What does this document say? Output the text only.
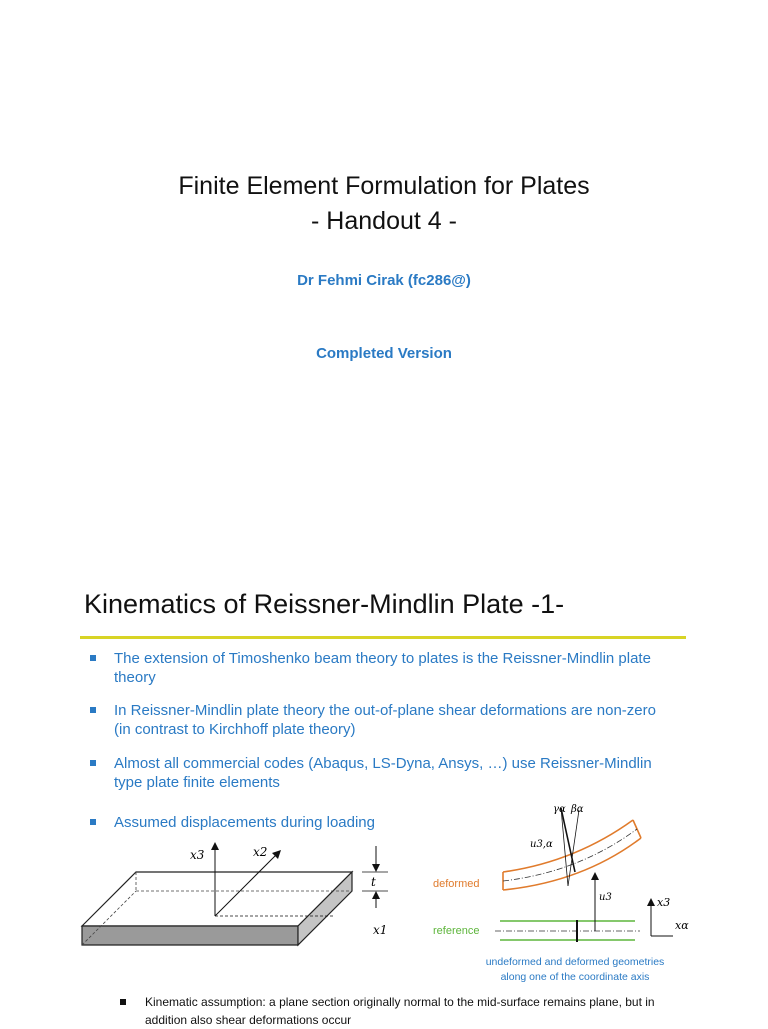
Finite Element Formulation for Plates
- Handout 4 -
Dr Fehmi Cirak (fc286@)
Completed Version
Kinematics of Reissner-Mindlin Plate -1-
The extension of Timoshenko beam theory to plates is the Reissner-Mindlin plate theory
In Reissner-Mindlin plate theory the out-of-plane shear deformations are non-zero (in contrast to Kirchhoff plate theory)
Almost all commercial codes (Abaqus, LS-Dyna, Ansys, …) use Reissner-Mindlin type plate finite elements
Assumed displacements during loading
x3	x2
x1
t
γα βα
u3,α
u3	x3
xα
deformed
reference
undeformed and deformed geometries
along one of the coordinate axis
Kinematic assumption: a plane section originally normal to the mid-surface remains plane, but in addition also shear deformations occur
